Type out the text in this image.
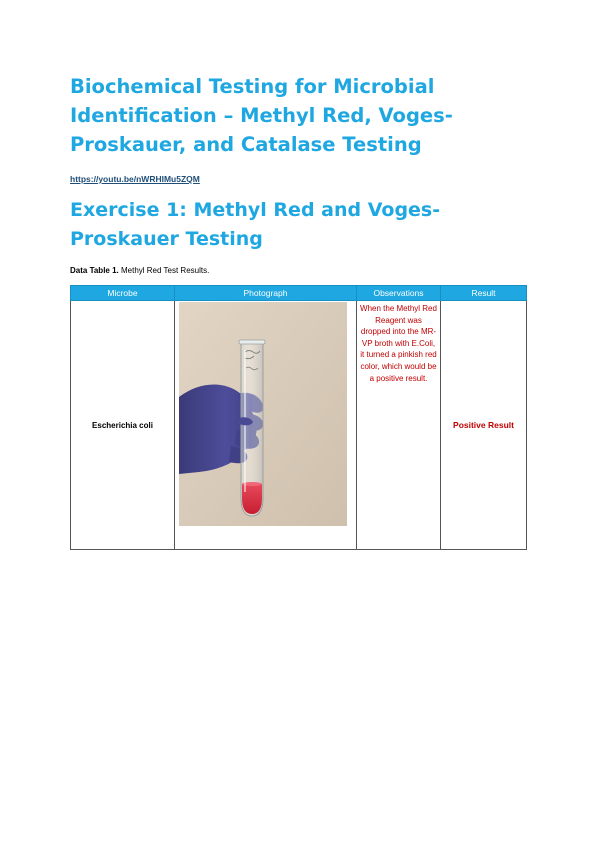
Biochemical Testing for Microbial Identification – Methyl Red, Voges-Proskauer, and Catalase Testing
https://youtu.be/nWRHIMu5ZQM
Exercise 1: Methyl Red and Voges-Proskauer Testing
Data Table 1. Methyl Red Test Results.
Microbe	Photograph	Observations	Result
Escherichia coli		When the Methyl Red Reagent was dropped into the MR-VP broth with E.Coli, it turned a pinkish red color, which would be a positive result.	Positive Result
